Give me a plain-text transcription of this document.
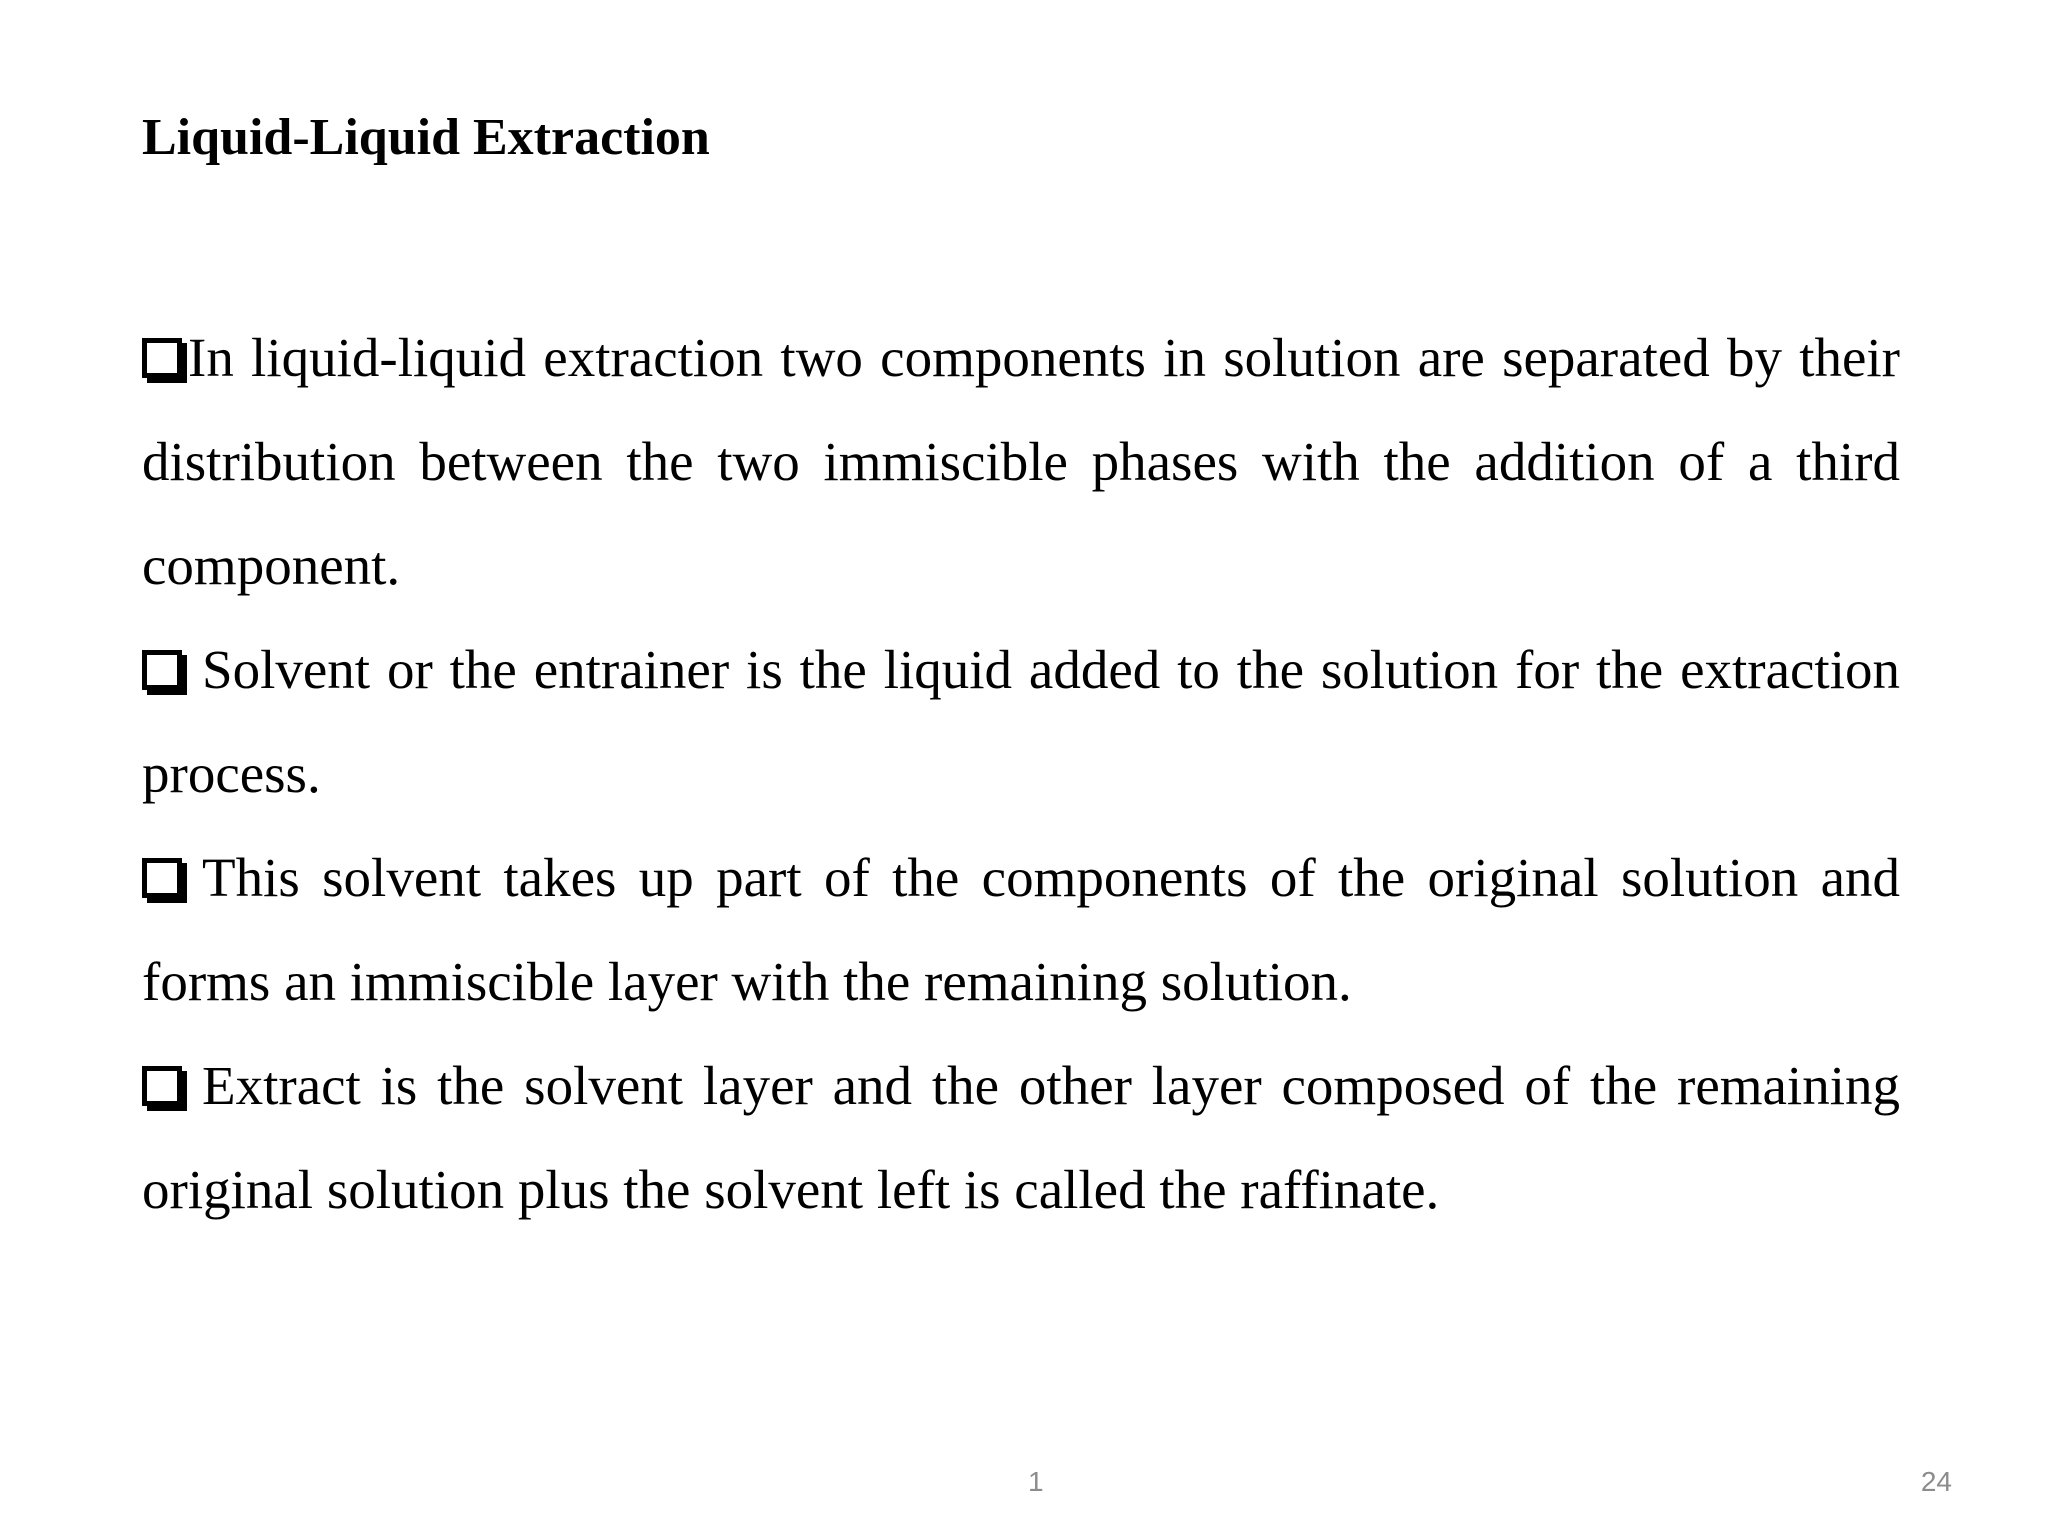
Liquid-Liquid Extraction

In liquid-liquid extraction two components in solution are separated by their distribution between the two immiscible phases with the addition of a third component.

Solvent or the entrainer is the liquid added to the solution for the extraction process.

This solvent takes up part of the components of the original solution and forms an immiscible layer with the remaining solution.

Extract is the solvent layer and the other layer composed of the remaining original solution plus the solvent left is called the raffinate.

1	24
